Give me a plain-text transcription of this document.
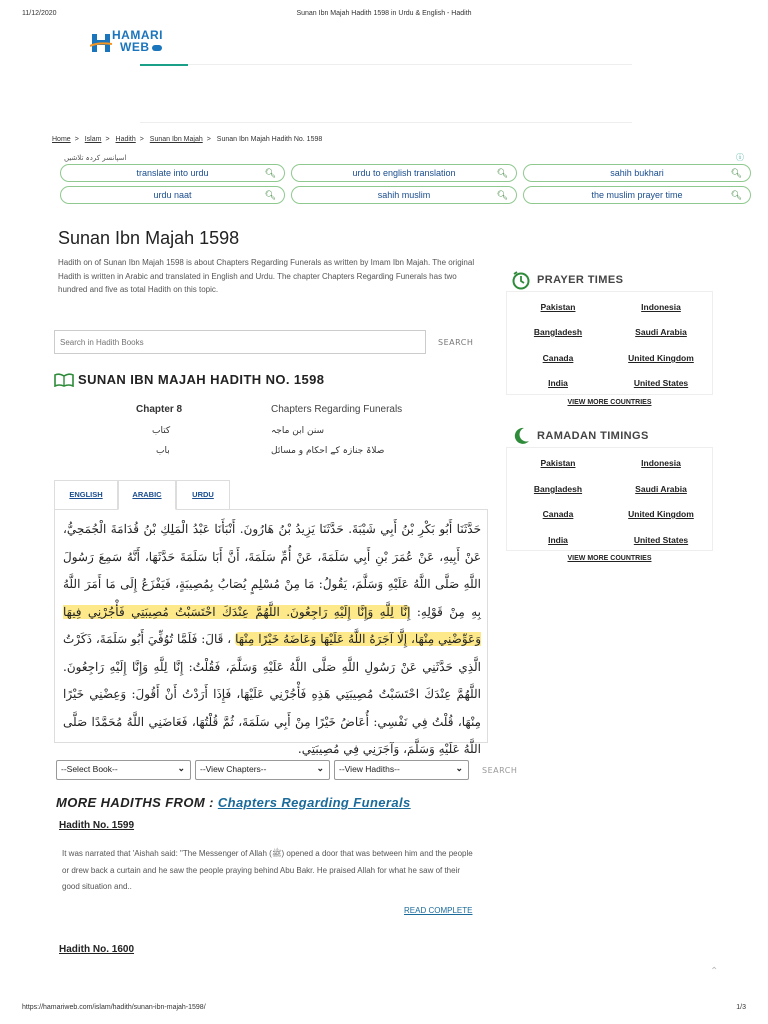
11/12/2020	Sunan Ibn Majah Hadith 1598 in Urdu & English - Hadith
HAMARI
WEB
Home > Islam > Hadith > Sunan Ibn Majah > Sunan Ibn Majah Hadith No. 1598
اسپانسر کردہ تلاشیں	ⓘ
translate into urdu	🔍︎	urdu to english translation	🔍︎	sahih bukhari	🔍︎
urdu naat	🔍︎	sahih muslim	🔍︎	the muslim prayer time	🔍︎
Sunan Ibn Majah 1598

Hadith on of Sunan Ibn Majah 1598 is about Chapters Regarding Funerals as written by Imam Ibn Majah. The original Hadith is written in Arabic and translated in English and Urdu. The chapter Chapters Regarding Funerals has two hundred and five as total Hadith on this topic.

Search in Hadith Books
SEARCH
SUNAN IBN MAJAH HADITH NO. 1598
Chapter 8	Chapters Regarding Funerals
کتاب	سنن ابن ماجہ
باب	صلاۃ جنازہ کے احکام و مسائل
ENGLISH	ARABIC	URDU

حَدَّثَنَا أَبُو بَكْرِ بْنُ أَبِي شَيْبَةَ. حَدَّثَنَا يَزِيدُ بْنُ هَارُونَ. أَنْبَأَنَا عَبْدُ الْمَلِكِ بْنُ قُدَامَةَ الْجُمَحِيُّ، عَنْ أَبِيهِ، عَنْ عُمَرَ بْنِ أَبِي سَلَمَةَ، عَنْ أُمِّ سَلَمَةَ، أَنَّ أَبَا سَلَمَةَ حَدَّثَهَا، أَنَّهُ سَمِعَ رَسُولَ اللَّهِ صَلَّى اللَّهُ عَلَيْهِ وَسَلَّمَ، يَقُولُ: مَا مِنْ مُسْلِمٍ يُصَابُ بِمُصِيبَةٍ، فَيَفْزَعُ إِلَى مَا أَمَرَ اللَّهُ بِهِ مِنْ قَوْلِهِ: إِنَّا لِلَّهِ وَإِنَّا إِلَيْهِ رَاجِعُونَ. اللَّهُمَّ عِنْدَكَ احْتَسَبْتُ مُصِيبَتِي فَأْجُرْنِي فِيهَا وَعَوِّضْنِي مِنْهَا، إِلَّا آجَرَهُ اللَّهُ عَلَيْهَا وَعَاضَهُ خَيْرًا مِنْهَا ، قَالَ: فَلَمَّا تُوُفِّيَ أَبُو سَلَمَةَ، ذَكَرْتُ الَّذِي حَدَّثَنِي عَنْ رَسُولِ اللَّهِ صَلَّى اللَّهُ عَلَيْهِ وَسَلَّمَ، فَقُلْتُ: إِنَّا لِلَّهِ وَإِنَّا إِلَيْهِ رَاجِعُونَ. اللَّهُمَّ عِنْدَكَ احْتَسَبْتُ مُصِيبَتِي هَذِهِ فَأْجُرْنِي عَلَيْهَا، فَإِذَا أَرَدْتُ أَنْ أَقُولَ: وَعِضْنِي خَيْرًا مِنْهَا، قُلْتُ فِي نَفْسِي: أُعَاضُ خَيْرًا مِنْ أَبِي سَلَمَةَ، ثُمَّ قُلْتُهَا، فَعَاضَنِي اللَّهُ مُحَمَّدًا صَلَّى اللَّهُ عَلَيْهِ وَسَلَّمَ، وَآجَرَنِي فِي مُصِيبَتِي.

--Select Book--	⌄	--View Chapters--	⌄	--View Hadiths--	⌄ SEARCH
MORE HADITHS FROM : Chapters Regarding Funerals
Hadith No. 1599

It was narrated that 'Aishah said: "The Messenger of Allah (ﷺ) opened a door that was between him and the people or drew back a curtain and he saw the people praying behind Abu Bakr. He praised Allah for what he saw of their good situation and..

READ COMPLETE
Hadith No. 1600
PRAYER TIMES
Pakistan	Indonesia
Bangladesh	Saudi Arabia
Canada	United Kingdom
India	United States
VIEW MORE COUNTRIES
RAMADAN TIMINGS
Pakistan	Indonesia
Bangladesh	Saudi Arabia
Canada	United Kingdom
India	United States
VIEW MORE COUNTRIES
⌃
https://hamariweb.com/islam/hadith/sunan-ibn-majah-1598/	1/3
